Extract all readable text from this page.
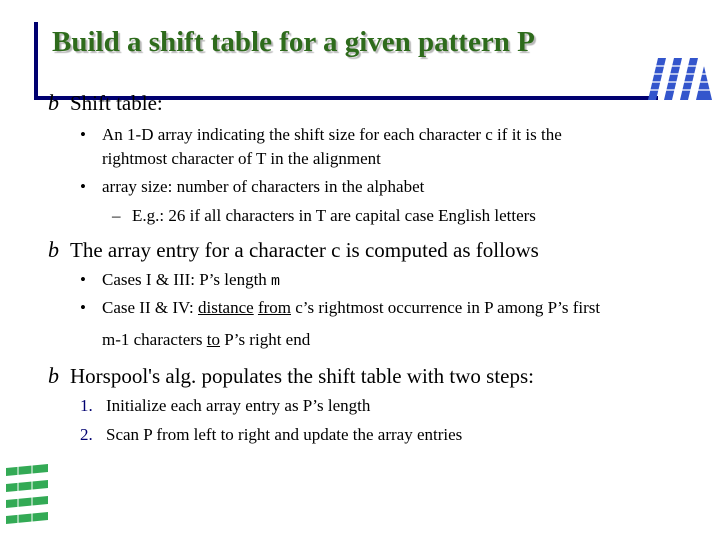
Build a shift table for a given pattern P
b Shift table:
• An 1-D array indicating the shift size for each character c if it is the
rightmost character of T in the alignment
• array size: number of characters in the alphabet
– E.g.: 26 if all characters in T are capital case English letters
b The array entry for a character c is computed as follows
• Cases I & III: P’s length m
• Case II & IV: distance from c’s rightmost occurrence in P among P’s first
m-1 characters to P’s right end
b Horspool's alg. populates the shift table with two steps:
1. Initialize each array entry as P’s length
2. Scan P from left to right and update the array entries
